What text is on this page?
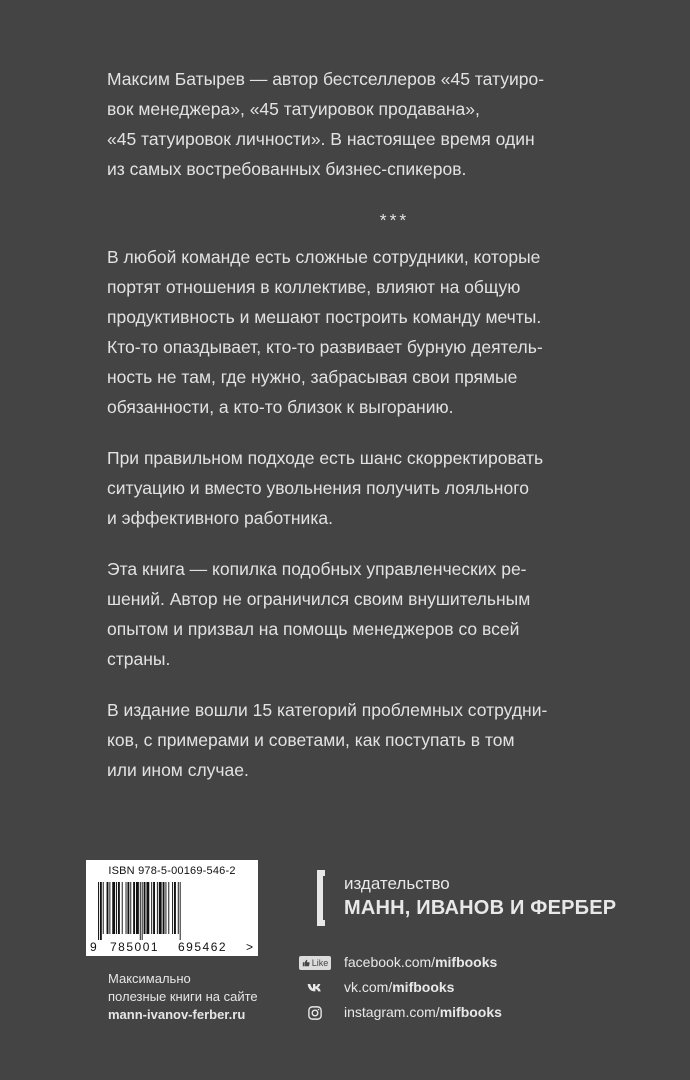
Максим Батырев — автор бестселлеров «45 татуиро-
вок менеджера», «45 татуировок продавана»,
«45 татуировок личности». В настоящее время один
из самых востребованных бизнес-спикеров.

***

В любой команде есть сложные сотрудники, которые
портят отношения в коллективе, влияют на общую
продуктивность и мешают построить команду мечты.
Кто-то опаздывает, кто-то развивает бурную деятель-
ность не там, где нужно, забрасывая свои прямые
обязанности, а кто-то близок к выгоранию.

При правильном подходе есть шанс скорректировать
ситуацию и вместо увольнения получить лояльного
и эффективного работника.

Эта книга — копилка подобных управленческих ре-
шений. Автор не ограничился своим внушительным
опытом и призвал на помощь менеджеров со всей
страны.

В издание вошли 15 категорий проблемных сотрудни-
ков, с примерами и советами, как поступать в том
или ином случае.

ISBN 978-5-00169-546-2
9 785001 695462 >
Максимально
полезные книги на сайте
mann-ivanov-ferber.ru
издательство
МАНН, ИВАНОВ И ФЕРБЕР
Like facebook.com/mifbooks
vk.com/mifbooks
instagram.com/mifbooks
